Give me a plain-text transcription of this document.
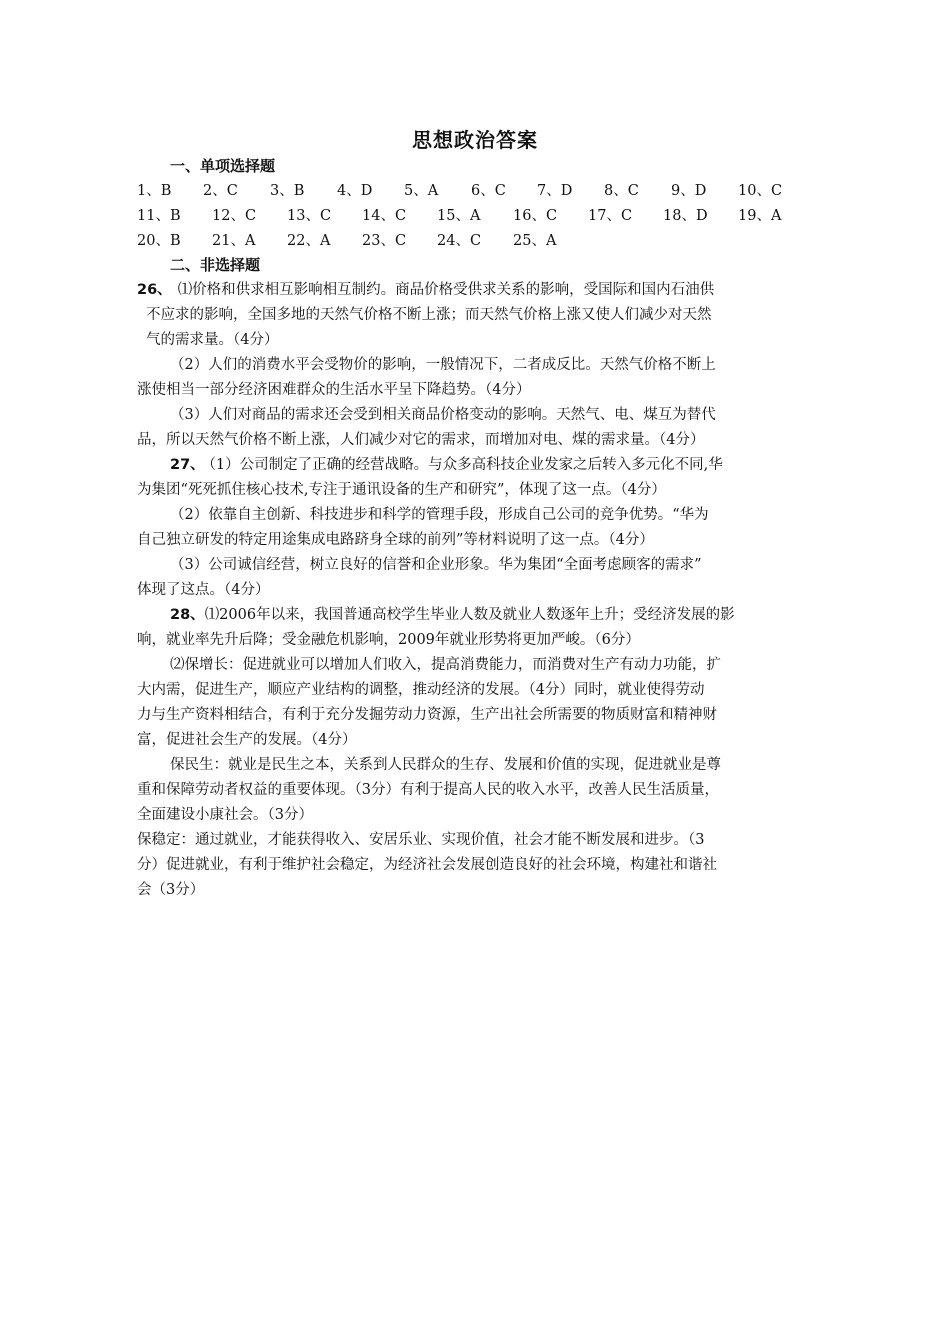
思想政治答案
一、单项选择题
1、B 2、C 3、B 4、D 5、A 6、C 7、D 8、C 9、D 10、C
11、B 12、C 13、C 14、C 15、A 16、C 17、C 18、D 19、A
20、B 21、A 22、A 23、C 24、C 25、A
二、非选择题
26、 ⑴价格和供求相互影响相互制约。商品价格受供求关系的影响，受国际和国内石油供
不应求的影响，全国多地的天然气价格不断上涨；而天然气价格上涨又使人们减少对天然
气的需求量。（4分）
（2）人们的消费水平会受物价的影响，一般情况下，二者成反比。天然气价格不断上
涨使相当一部分经济困难群众的生活水平呈下降趋势。（4分）
（3）人们对商品的需求还会受到相关商品价格变动的影响。天然气、电、煤互为替代
品，所以天然气价格不断上涨，人们减少对它的需求，而增加对电、煤的需求量。（4分）
27、 （1）公司制定了正确的经营战略。与众多高科技企业发家之后转入多元化不同,华
为集团“死死抓住核心技术,专注于通讯设备的生产和研究”，体现了这一点。（4分）
（2）依靠自主创新、科技进步和科学的管理手段，形成自己公司的竞争优势。“华为
自己独立研发的特定用途集成电路跻身全球的前列”等材料说明了这一点。（4分）
（3）公司诚信经营，树立良好的信誉和企业形象。华为集团“全面考虑顾客的需求”
体现了这点。（4分）
28、⑴2006年以来，我国普通高校学生毕业人数及就业人数逐年上升；受经济发展的影
响，就业率先升后降；受金融危机影响，2009年就业形势将更加严峻。（6分）
⑵保增长：促进就业可以增加人们收入，提高消费能力，而消费对生产有动力功能，扩
大内需，促进生产，顺应产业结构的调整，推动经济的发展。（4分）同时，就业使得劳动
力与生产资料相结合，有利于充分发掘劳动力资源，生产出社会所需要的物质财富和精神财
富，促进社会生产的发展。（4分）
保民生：就业是民生之本，关系到人民群众的生存、发展和价值的实现，促进就业是尊
重和保障劳动者权益的重要体现。（3分）有利于提高人民的收入水平，改善人民生活质量，
全面建设小康社会。（3分）
保稳定：通过就业，才能获得收入、安居乐业、实现价值，社会才能不断发展和进步。（3
分）促进就业，有利于维护社会稳定，为经济社会发展创造良好的社会环境，构建社和谐社
会（3分）
